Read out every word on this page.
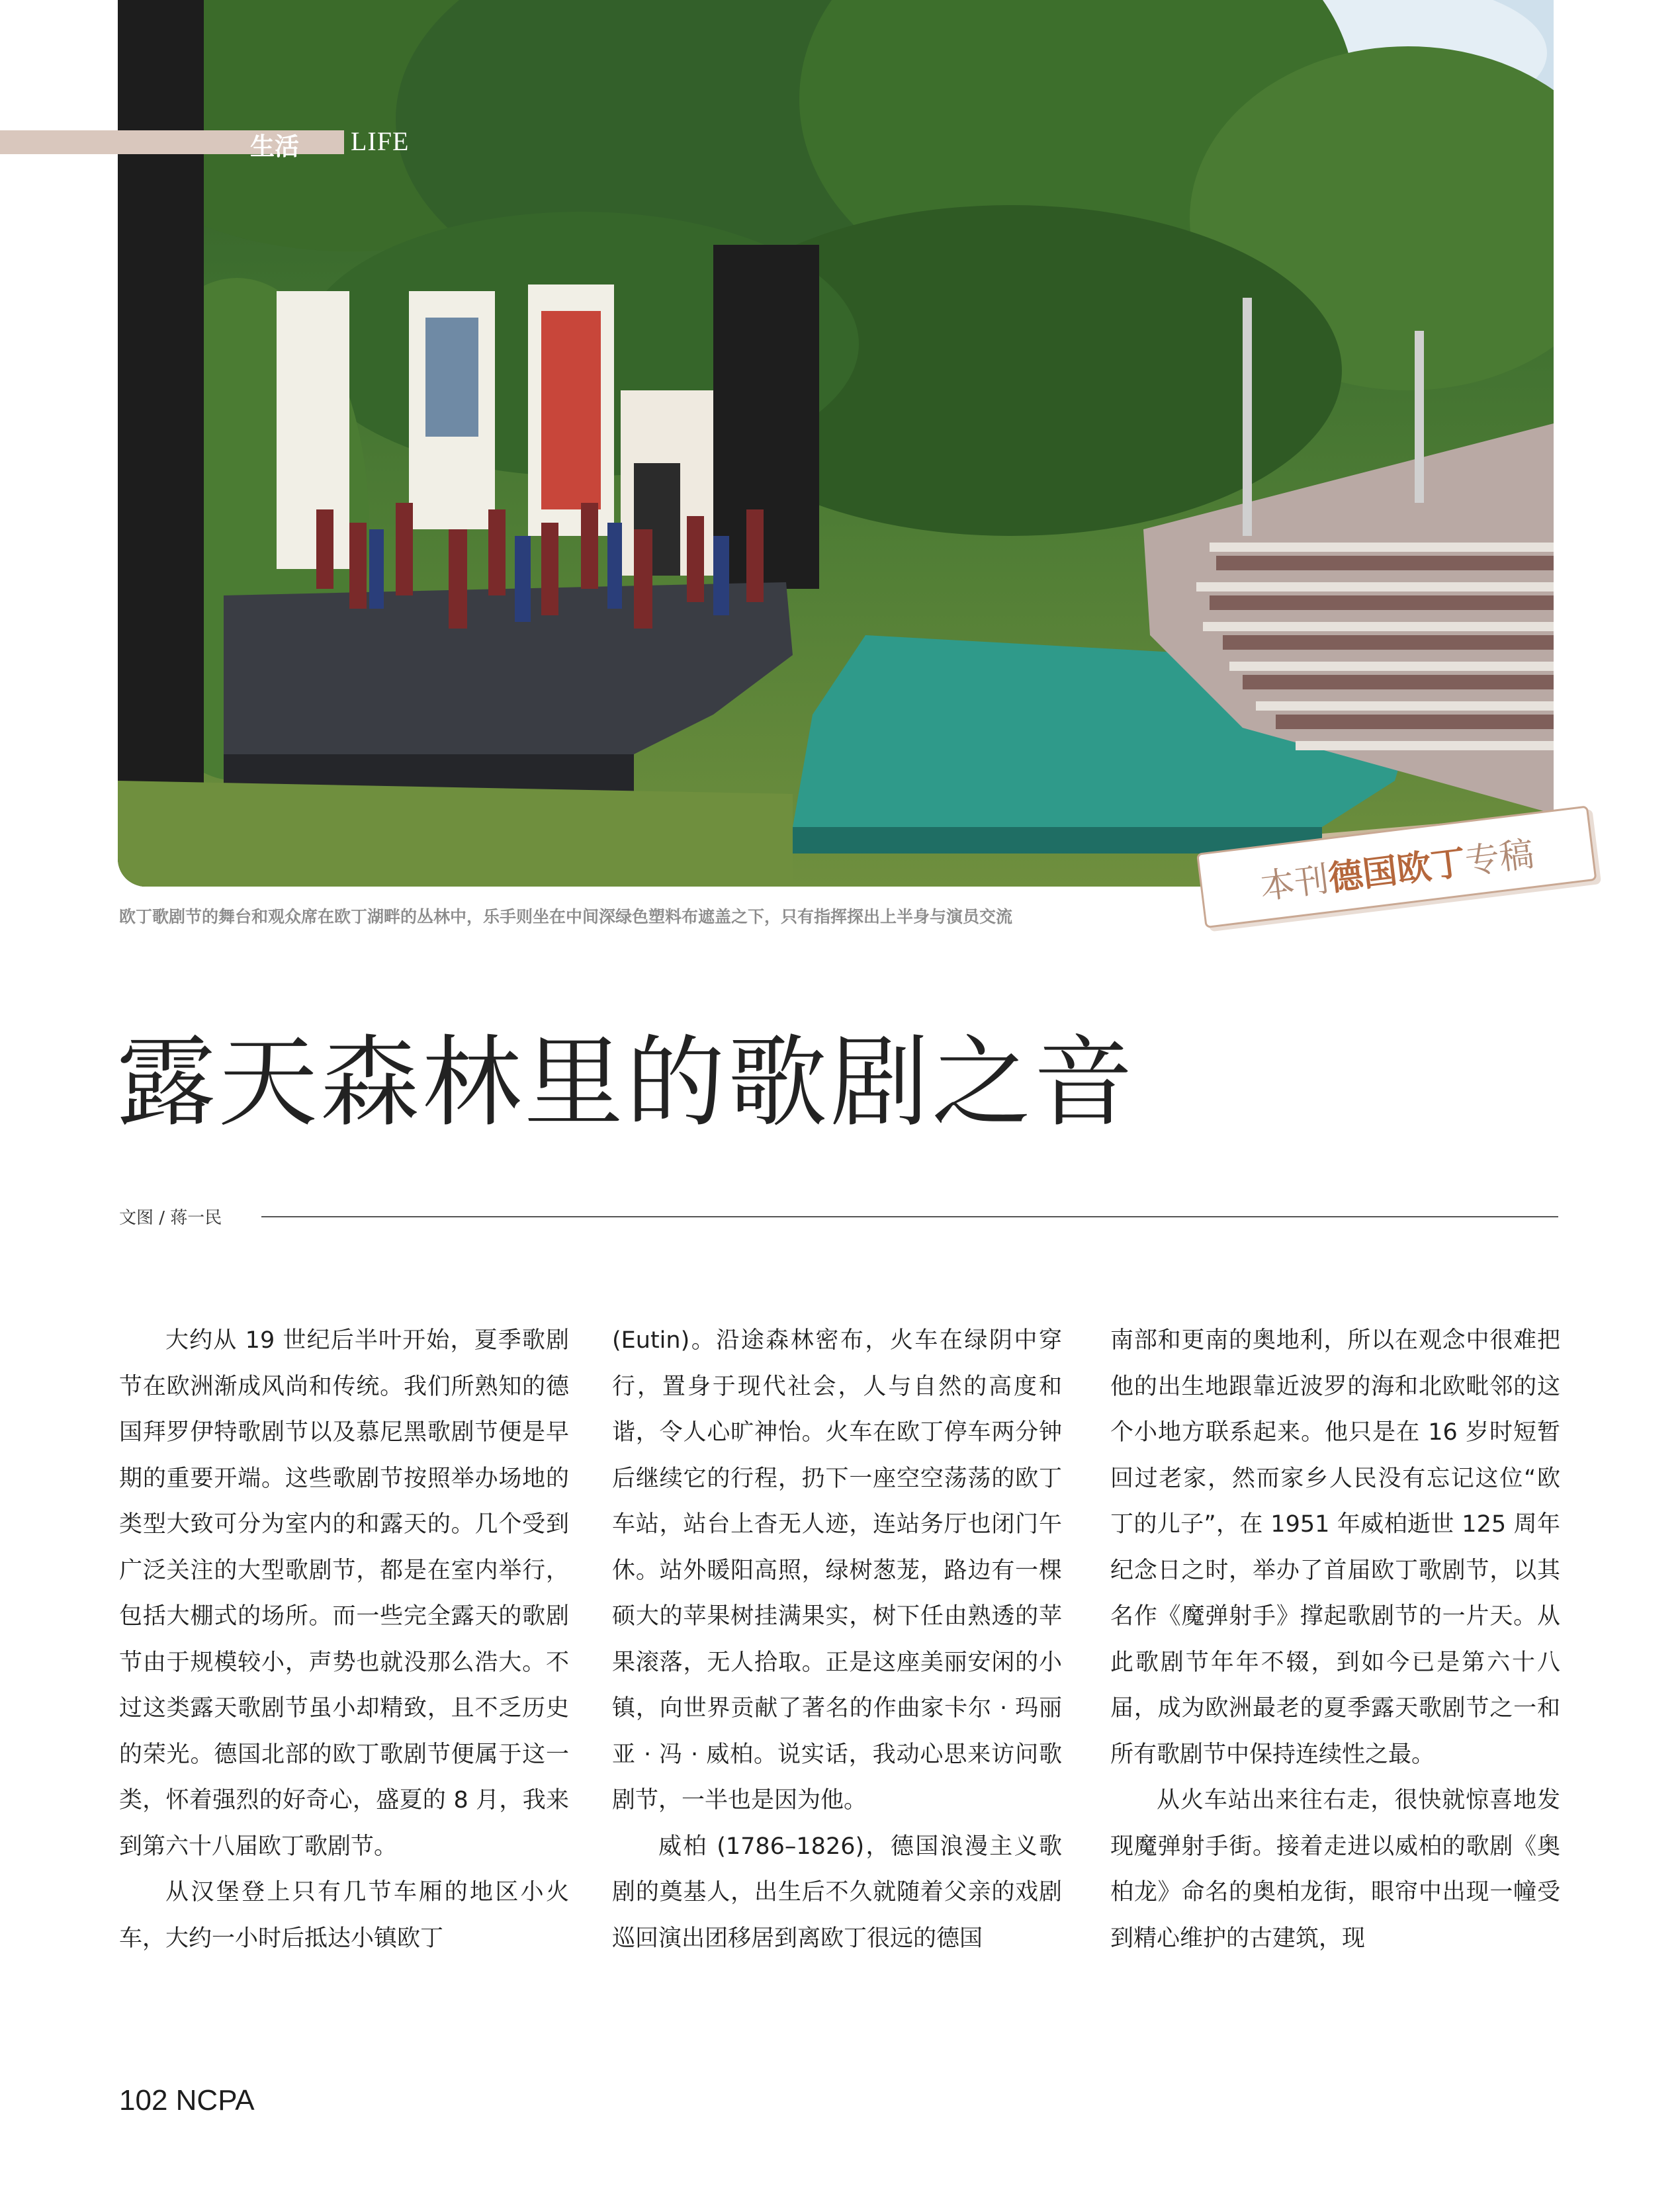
生活 LIFE
欧丁歌剧节的舞台和观众席在欧丁湖畔的丛林中，乐手则坐在中间深绿色塑料布遮盖之下，只有指挥探出上半身与演员交流
本刊
德国欧丁
专稿
露天森林里的歌剧之音
文图 / 蒋一民

大约从 19 世纪后半叶开始，夏季歌剧节在欧洲渐成风尚和传统。我们所熟知的德国拜罗伊特歌剧节以及慕尼黑歌剧节便是早期的重要开端。这些歌剧节按照举办场地的类型大致可分为室内的和露天的。几个受到广泛关注的大型歌剧节，都是在室内举行，包括大棚式的场所。而一些完全露天的歌剧节由于规模较小，声势也就没那么浩大。不过这类露天歌剧节虽小却精致，且不乏历史的荣光。德国北部的欧丁歌剧节便属于这一类，怀着强烈的好奇心，盛夏的 8 月，我来到第六十八届欧丁歌剧节。

从汉堡登上只有几节车厢的地区小火车，大约一小时后抵达小镇欧丁

(Eutin)。沿途森林密布，火车在绿阴中穿行，置身于现代社会，人与自然的高度和谐，令人心旷神怡。火车在欧丁停车两分钟后继续它的行程，扔下一座空空荡荡的欧丁车站，站台上杳无人迹，连站务厅也闭门午休。站外暖阳高照，绿树葱茏，路边有一棵硕大的苹果树挂满果实，树下任由熟透的苹果滚落，无人拾取。正是这座美丽安闲的小镇，向世界贡献了著名的作曲家卡尔 · 玛丽亚 · 冯 · 威柏。说实话，我动心思来访问歌剧节，一半也是因为他。

威柏 (1786–1826)，德国浪漫主义歌剧的奠基人，出生后不久就随着父亲的戏剧巡回演出团移居到离欧丁很远的德国

南部和更南的奥地利，所以在观念中很难把他的出生地跟靠近波罗的海和北欧毗邻的这个小地方联系起来。他只是在 16 岁时短暂回过老家，然而家乡人民没有忘记这位“欧丁的儿子”，在 1951 年威柏逝世 125 周年纪念日之时，举办了首届欧丁歌剧节，以其名作《魔弹射手》撑起歌剧节的一片天。从此歌剧节年年不辍，到如今已是第六十八届，成为欧洲最老的夏季露天歌剧节之一和所有歌剧节中保持连续性之最。

从火车站出来往右走，很快就惊喜地发现魔弹射手街。接着走进以威柏的歌剧《奥柏龙》命名的奥柏龙街，眼帘中出现一幢受到精心维护的古建筑，现

102 NCPA
